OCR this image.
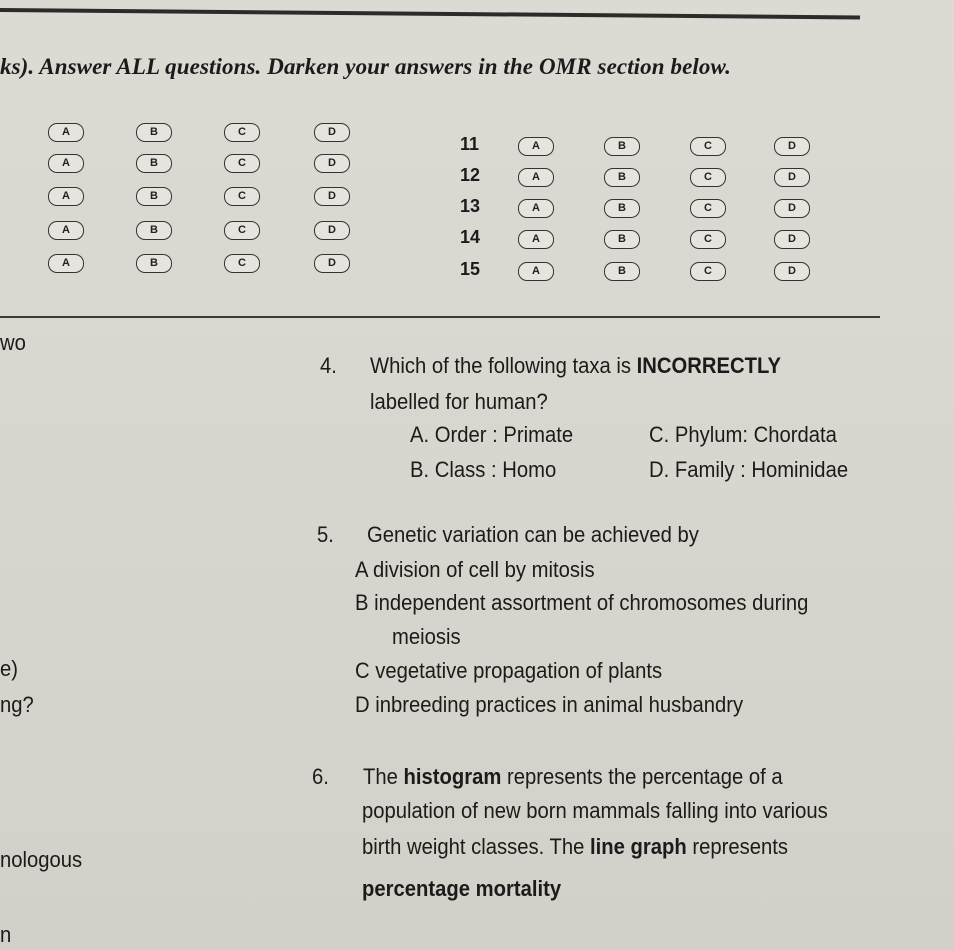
ks). Answer ALL questions. Darken your answers in the OMR section below.
A	B	C	D
A	B	C	D
A	B	C	D
A	B	C	D
A	B	C	D
11	A	B	C	D
12	A	B	C	D
13	A	B	C	D
14	A	B	C	D
15	A	B	C	D
wo
e)
ng?
nologous
n
4. Which of the following taxa is INCORRECTLY
labelled for human?
A. Order : Primate	C. Phylum: Chordata
B. Class : Homo	D. Family : Hominidae
5. Genetic variation can be achieved by
A division of cell by mitosis
B independent assortment of chromosomes during
meiosis
C vegetative propagation of plants
D inbreeding practices in animal husbandry
6. The histogram represents the percentage of a
population of new born mammals falling into various
birth weight classes. The line graph represents
percentage mortality
